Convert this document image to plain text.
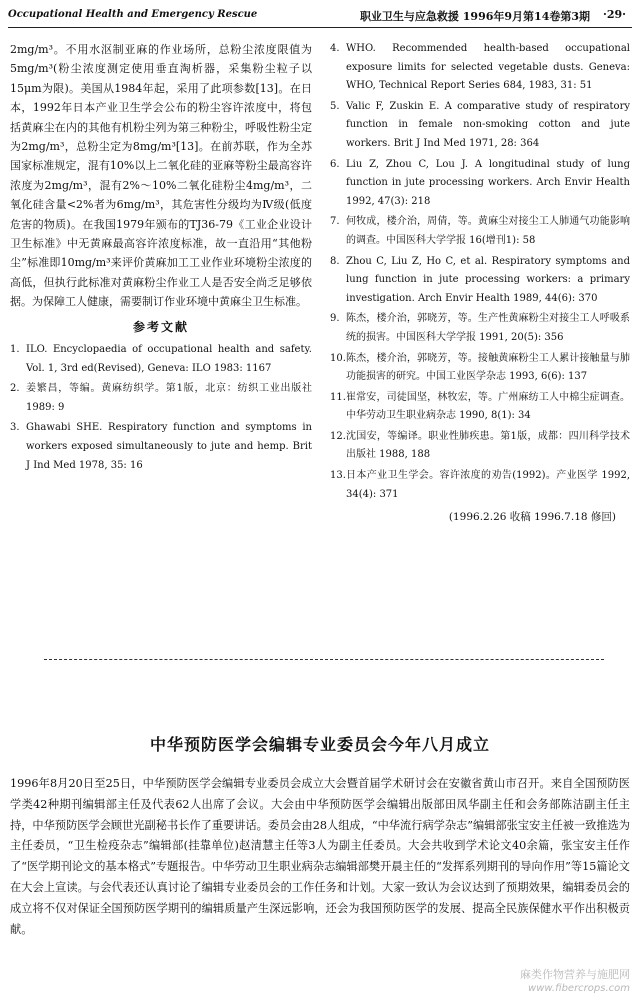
Occupational Health and Emergency Rescue	职业卫生与应急救援 1996年9月第14卷第3期 ·29·

2mg/m³。不用水沤制亚麻的作业场所，总粉尘浓度限值为5mg/m³(粉尘浓度测定使用垂直淘析器，采集粉尘粒子以15μm为限)。美国从1984年起，采用了此项参数[13]。在日本，1992年日本产业卫生学会公布的粉尘容许浓度中，将包括黄麻尘在内的其他有机粉尘列为第三种粉尘，呼吸性粉尘定为2mg/m³，总粉尘定为8mg/m³[13]。在前苏联，作为全苏国家标准规定，混有10%以上二氧化硅的亚麻等粉尘最高容许浓度为2mg/m³，混有2%～10%二氧化硅粉尘4mg/m³，二氧化硅含量<2%者为6mg/m³，其危害性分级均为Ⅳ级(低度危害的物质)。在我国1979年颁布的TJ36-79《工业企业设计卫生标准》中无黄麻最高容许浓度标准，故一直沿用“其他粉尘”标准即10mg/m³来评价黄麻加工工业作业环境粉尘浓度的高低，但执行此标准对黄麻粉尘作业工人是否安全尚乏足够依据。为保障工人健康，需要制订作业环境中黄麻尘卫生标准。

参考文献
1. ILO. Encyclopaedia of occupational health and safety. Vol. 1, 3rd ed(Revised), Geneva: ILO 1983: 1167
2. 姜繁昌，等编。黄麻纺织学。第1版，北京：纺织工业出版社 1989: 9
3. Ghawabi SHE. Respiratory function and symptoms in workers exposed simultaneously to jute and hemp. Brit J Ind Med 1978, 35: 16
4. WHO. Recommended health-based occupational exposure limits for selected vegetable dusts. Geneva: WHO, Technical Report Series 684, 1983, 31: 51
5. Valic F, Zuskin E. A comparative study of respiratory function in female non-smoking cotton and jute workers. Brit J Ind Med 1971, 28: 364
6. Liu Z, Zhou C, Lou J. A longitudinal study of lung function in jute processing workers. Arch Envir Health 1992, 47(3): 218
7. 何牧成，楼介治，周倩，等。黄麻尘对接尘工人肺通气功能影响的调查。中国医科大学学报 16(增刊1): 58
8. Zhou C, Liu Z, Ho C, et al. Respiratory symptoms and lung function in jute processing workers: a primary investigation. Arch Envir Health 1989, 44(6): 370
9. 陈杰，楼介治，郭晓芳，等。生产性黄麻粉尘对接尘工人呼吸系统的损害。中国医科大学学报 1991, 20(5): 356
10. 陈杰，楼介治，郭晓芳，等。接触黄麻粉尘工人累计接触量与肺功能损害的研究。中国工业医学杂志 1993, 6(6): 137
11. 崔常安，司徒国坚，林牧宏，等。广州麻纺工人中棉尘症调查。中华劳动卫生职业病杂志 1990, 8(1): 34
12. 沈国安，等编译。职业性肺疾患。第1版，成都：四川科学技术出版社 1988, 188
13. 日本产业卫生学会。容许浓度的劝告(1992)。产业医学 1992, 34(4): 371
(1996.2.26 收稿 1996.7.18 修回)
中华预防医学会编辑专业委员会今年八月成立

1996年8月20日至25日，中华预防医学会编辑专业委员会成立大会暨首届学术研讨会在安徽省黄山市召开。来自全国预防医学类42种期刊编辑部主任及代表62人出席了会议。大会由中华预防医学会编辑出版部田凤华副主任和会务部陈洁副主任主持，中华预防医学会顾世光副秘书长作了重要讲话。委员会由28人组成，“中华流行病学杂志”编辑部张宝安主任被一致推选为主任委员，“卫生检疫杂志”编辑部(挂靠单位)赵清慧主任等3人为副主任委员。大会共收到学术论文40余篇，张宝安主任作了“医学期刊论文的基本格式”专题报告。中华劳动卫生职业病杂志编辑部樊开晨主任的“发挥系列期刊的导向作用”等15篇论文在大会上宣读。与会代表还认真讨论了编辑专业委员会的工作任务和计划。大家一致认为会议达到了预期效果，编辑委员会的成立将不仅对保证全国预防医学期刊的编辑质量产生深远影响，还会为我国预防医学的发展、提高全民族保健水平作出积极贡献。

麻类作物营养与施肥网
www.fibercrops.com
